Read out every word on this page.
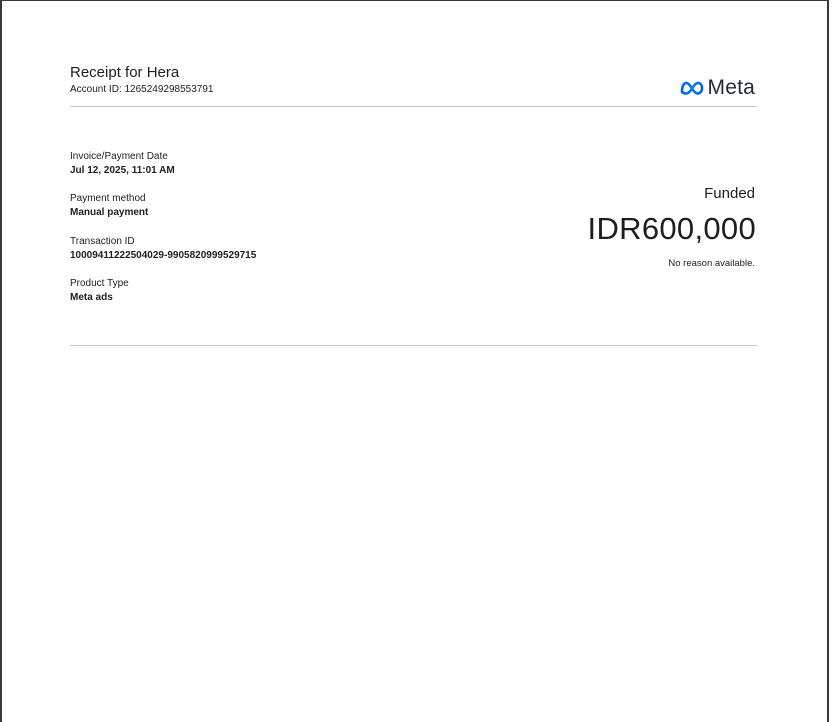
Receipt for Hera
Account ID: 1265249298553791	Meta
Invoice/Payment Date
Jul 12, 2025, 11:01 AM
Payment method
Manual payment
Transaction ID
10009411222504029-9905820999529715
Product Type
Meta ads
Funded
IDR600,000
No reason available.
